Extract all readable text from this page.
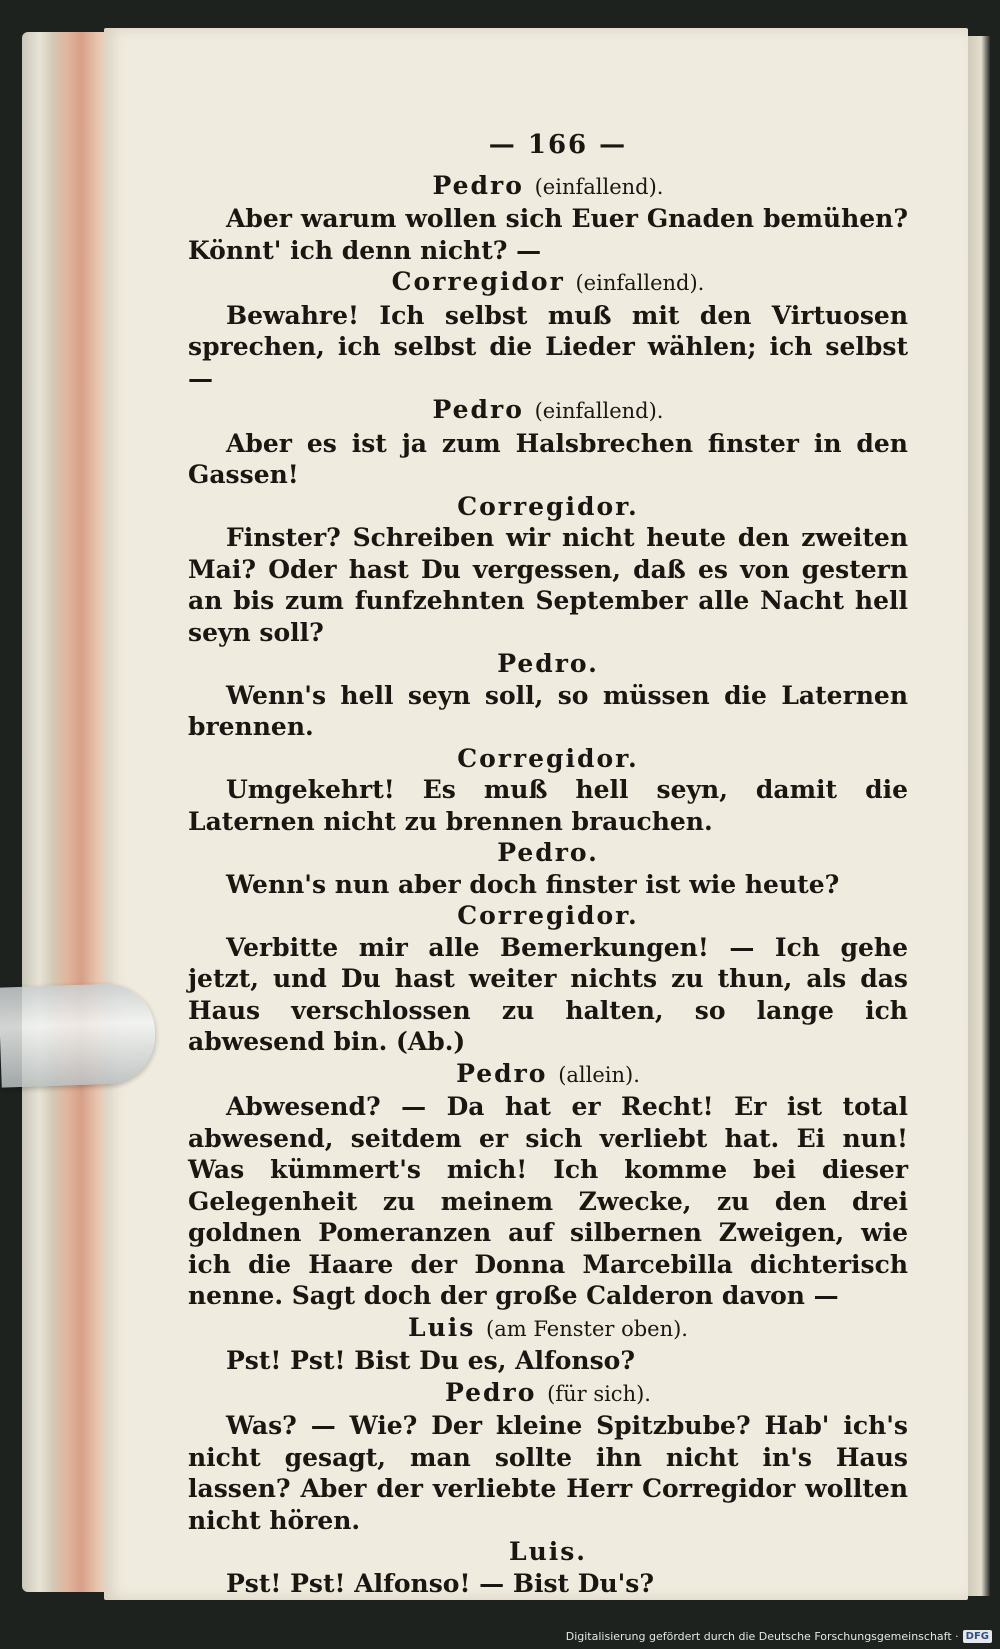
— 166 —
Pedro (einfallend).
Aber warum wollen sich Euer Gnaden bemühen? Könnt' ich denn nicht? —
Corregidor (einfallend).
Bewahre! Ich selbst muß mit den Virtuosen sprechen, ich selbst die Lieder wählen; ich selbst —
Pedro (einfallend).
Aber es ist ja zum Halsbrechen finster in den Gassen!
Corregidor.
Finster? Schreiben wir nicht heute den zweiten Mai? Oder hast Du vergessen, daß es von gestern an bis zum funfzehnten September alle Nacht hell seyn soll?
Pedro.
Wenn's hell seyn soll, so müssen die Laternen brennen.
Corregidor.
Umgekehrt! Es muß hell seyn, damit die Laternen nicht zu brennen brauchen.
Pedro.
Wenn's nun aber doch finster ist wie heute?
Corregidor.
Verbitte mir alle Bemerkungen! — Ich gehe jetzt, und Du hast weiter nichts zu thun, als das Haus verschlossen zu halten, so lange ich abwesend bin. (Ab.)
Pedro (allein).
Abwesend? — Da hat er Recht! Er ist total abwesend, seitdem er sich verliebt hat. Ei nun! Was kümmert's mich! Ich komme bei dieser Gelegenheit zu meinem Zwecke, zu den drei goldnen Pomeranzen auf silbernen Zweigen, wie ich die Haare der Donna Marcebilla dichterisch nenne. Sagt doch der große Calderon davon —
Luis (am Fenster oben).
Pst! Pst! Bist Du es, Alfonso?
Pedro (für sich).
Was? — Wie? Der kleine Spitzbube? Hab' ich's nicht gesagt, man sollte ihn nicht in's Haus lassen? Aber der verliebte Herr Corregidor wollten nicht hören.
Luis.
Pst! Pst! Alfonso! — Bist Du's?
Digitalisierung gefördert durch die Deutsche Forschungsgemeinschaft · DFG
